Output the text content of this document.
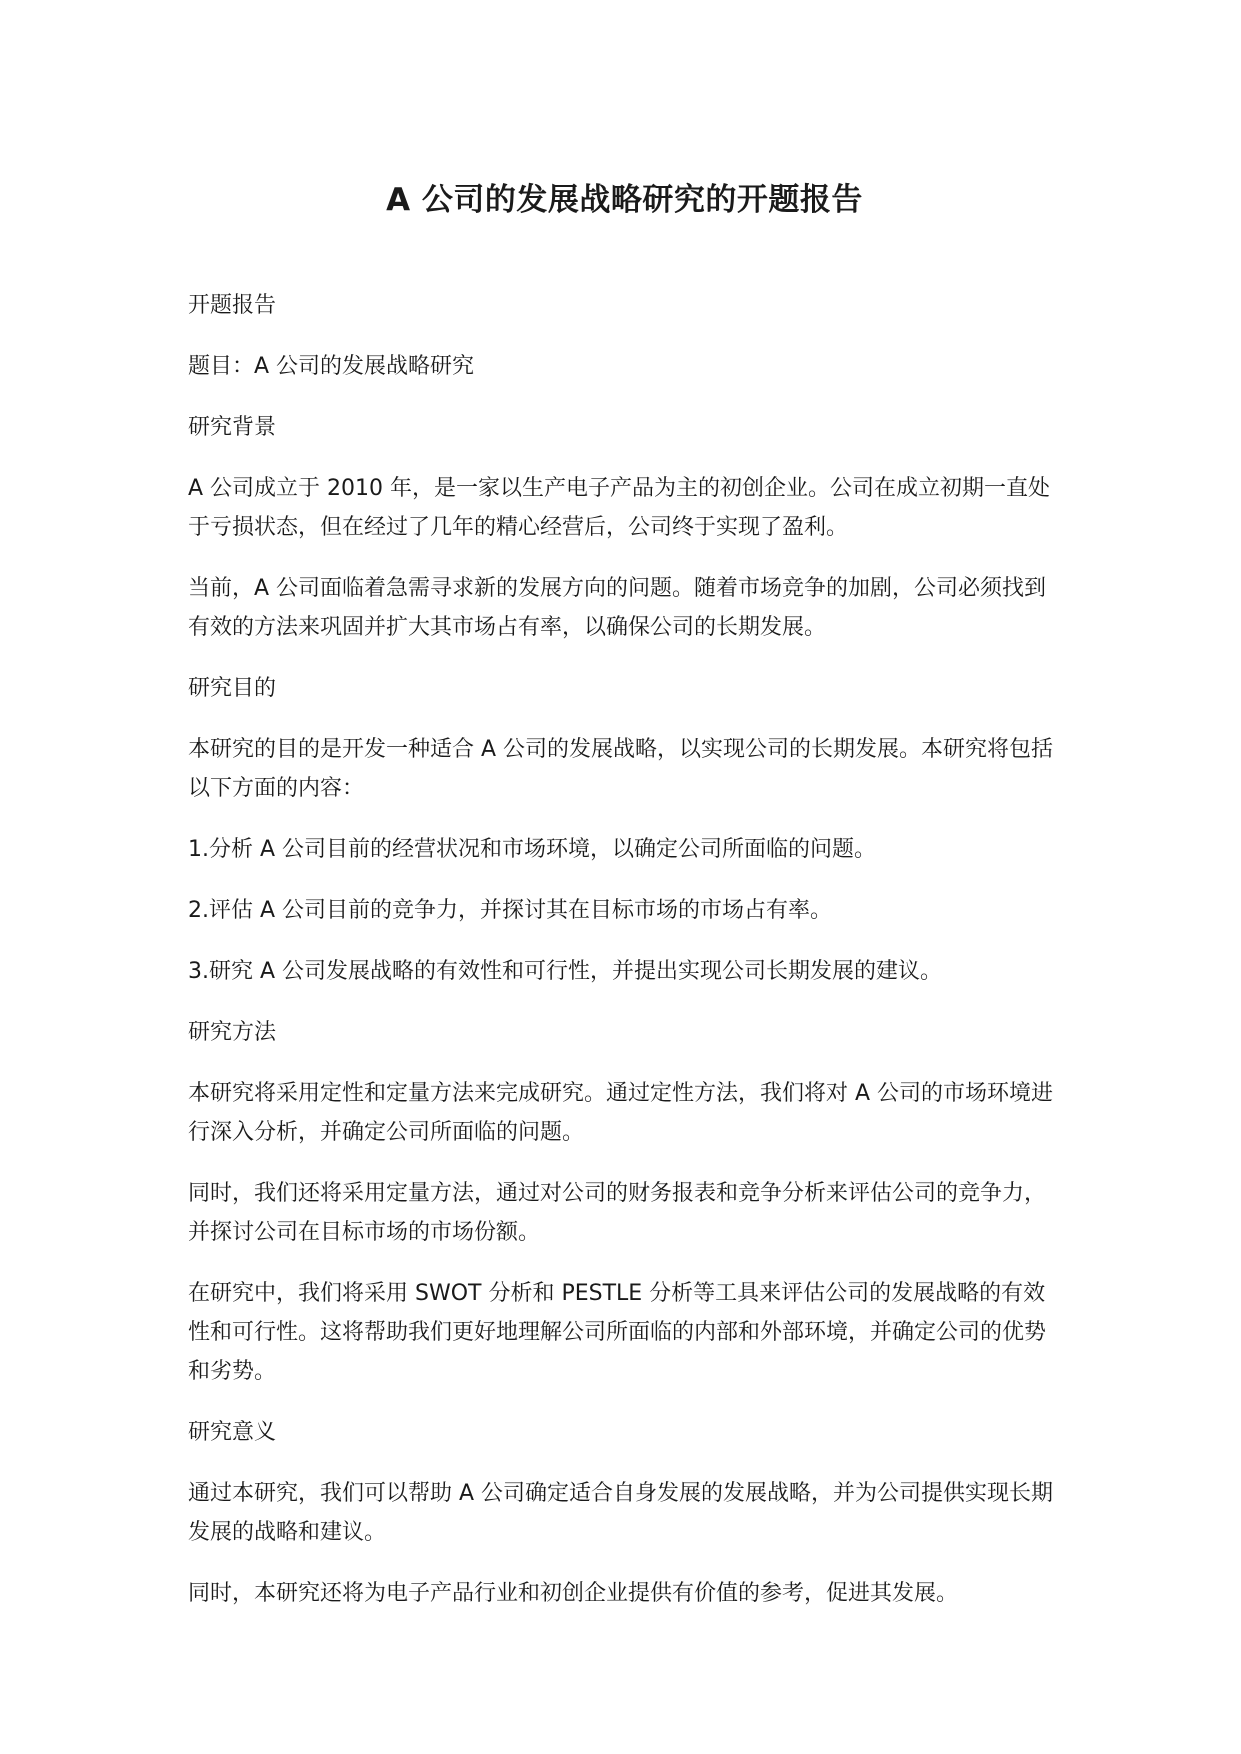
A 公司的发展战略研究的开题报告

开题报告

题目：A 公司的发展战略研究

研究背景

A 公司成立于 2010 年，是一家以生产电子产品为主的初创企业。公司在成立初期一直处于亏损状态，但在经过了几年的精心经营后，公司终于实现了盈利。

当前，A 公司面临着急需寻求新的发展方向的问题。随着市场竞争的加剧，公司必须找到有效的方法来巩固并扩大其市场占有率，以确保公司的长期发展。

研究目的

本研究的目的是开发一种适合 A 公司的发展战略，以实现公司的长期发展。本研究将包括以下方面的内容：

1.分析 A 公司目前的经营状况和市场环境，以确定公司所面临的问题。

2.评估 A 公司目前的竞争力，并探讨其在目标市场的市场占有率。

3.研究 A 公司发展战略的有效性和可行性，并提出实现公司长期发展的建议。

研究方法

本研究将采用定性和定量方法来完成研究。通过定性方法，我们将对 A 公司的市场环境进行深入分析，并确定公司所面临的问题。

同时，我们还将采用定量方法，通过对公司的财务报表和竞争分析来评估公司的竞争力，并探讨公司在目标市场的市场份额。

在研究中，我们将采用 SWOT 分析和 PESTLE 分析等工具来评估公司的发展战略的有效性和可行性。这将帮助我们更好地理解公司所面临的内部和外部环境，并确定公司的优势和劣势。

研究意义

通过本研究，我们可以帮助 A 公司确定适合自身发展的发展战略，并为公司提供实现长期发展的战略和建议。

同时，本研究还将为电子产品行业和初创企业提供有价值的参考，促进其发展。
